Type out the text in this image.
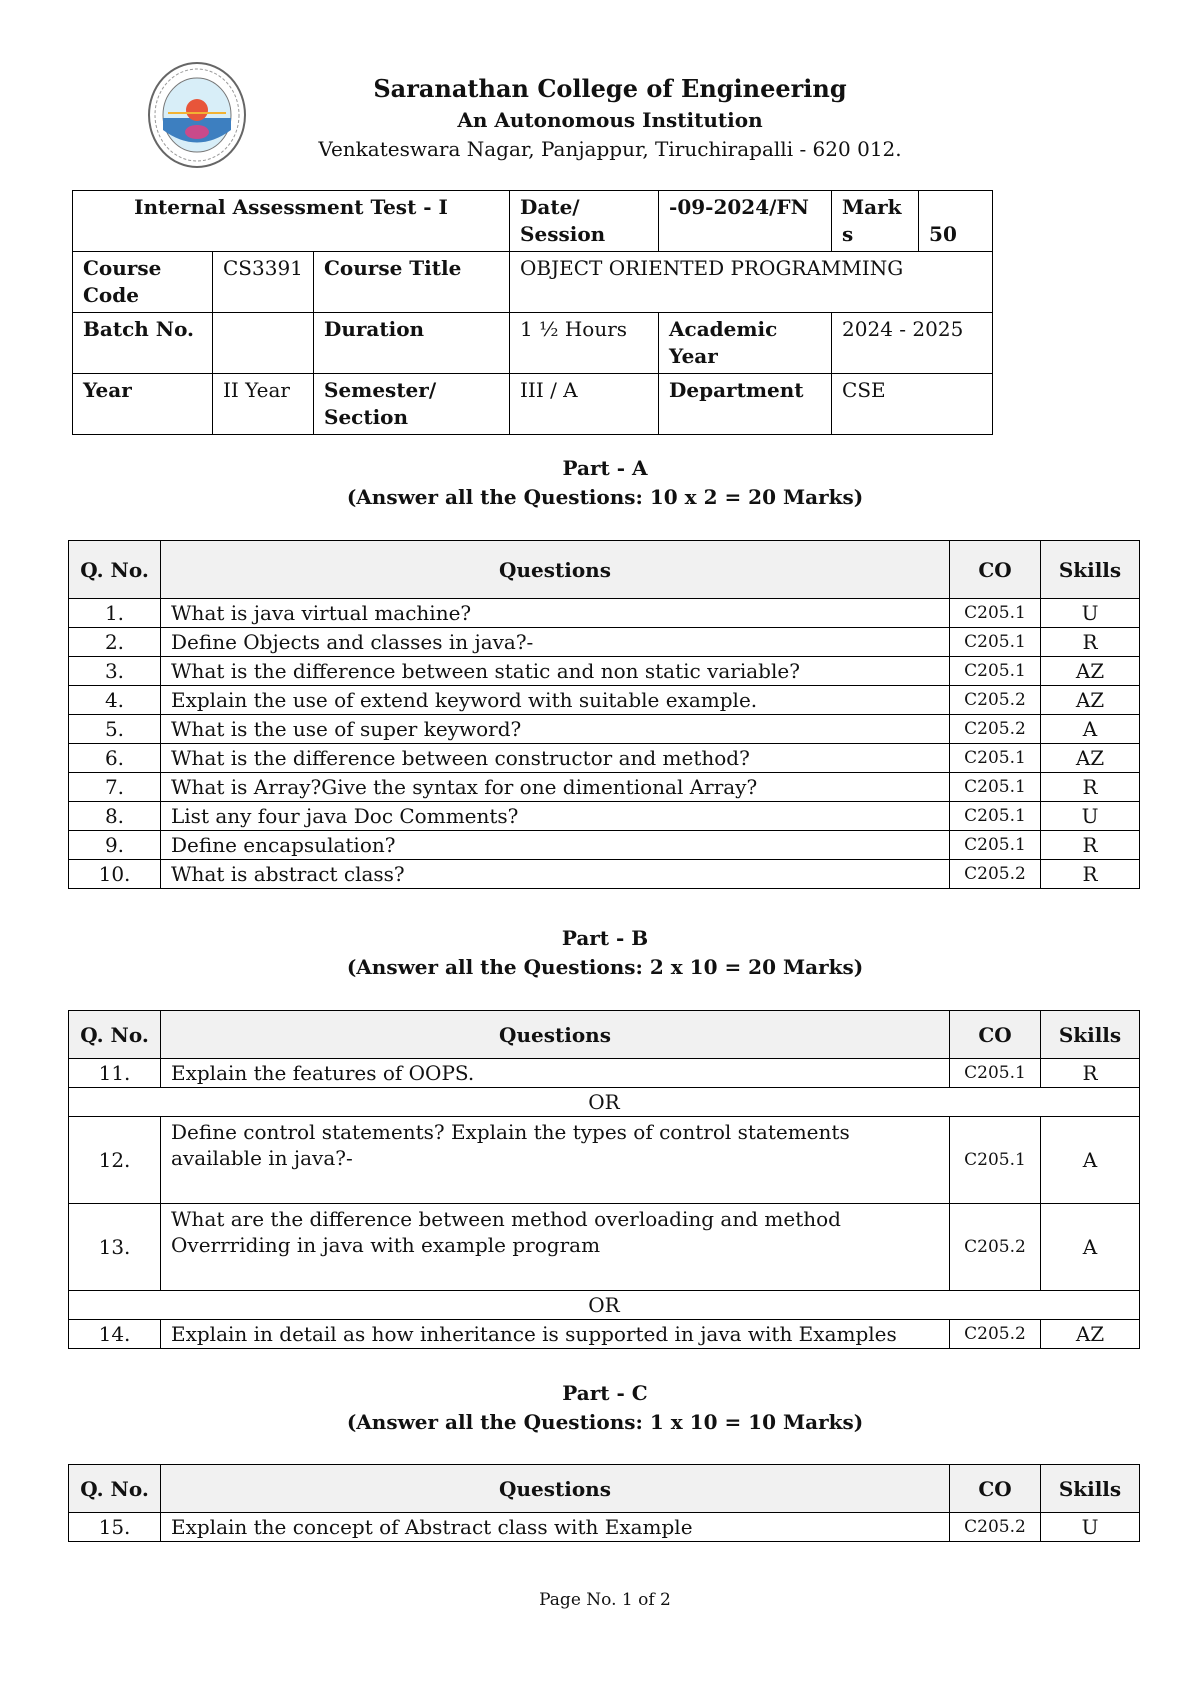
Saranathan College of Engineering
An Autonomous Institution
Venkateswara Nagar, Panjappur, Tiruchirapalli - 620 012.
Internal Assessment Test - I			Date/ Session	-09-2024/FN	Mark s	50
Course Code	CS3391	Course Title	OBJECT ORIENTED PROGRAMMING			
Batch No.		Duration	1 ½ Hours	Academic Year	2024 - 2025	
Year	II Year	Semester/ Section	III / A	Department	CSE	
Part - A
(Answer all the Questions: 10 x 2 = 20 Marks)
Q. No.	Questions	CO	Skills
1.	What is java virtual machine?	C205.1	U
2.	Define Objects and classes in java?-	C205.1	R
3.	What is the difference between static and non static variable?	C205.1	AZ
4.	Explain the use of extend keyword with suitable example.	C205.2	AZ
5.	What is the use of super keyword?	C205.2	A
6.	What is the difference between constructor and method?	C205.1	AZ
7.	What is Array?Give the syntax for one dimentional Array?	C205.1	R
8.	List any four java Doc Comments?	C205.1	U
9.	Define encapsulation?	C205.1	R
10.	What is abstract class?	C205.2	R
Part - B
(Answer all the Questions: 2 x 10 = 20 Marks)
Q. No.	Questions	CO	Skills
11.	Explain the features of OOPS.	C205.1	R
OR			
12.	Define control statements? Explain the types of control statements available in java?-	C205.1	A
13.	What are the difference between method overloading and method Overrriding in java with example program	C205.2	A
OR			
14.	Explain in detail as how inheritance is supported in java with Examples	C205.2	AZ
Part - C
(Answer all the Questions: 1 x 10 = 10 Marks)
Q. No.	Questions	CO	Skills
15.	Explain the concept of Abstract class with Example	C205.2	U
Page No. 1 of 2
